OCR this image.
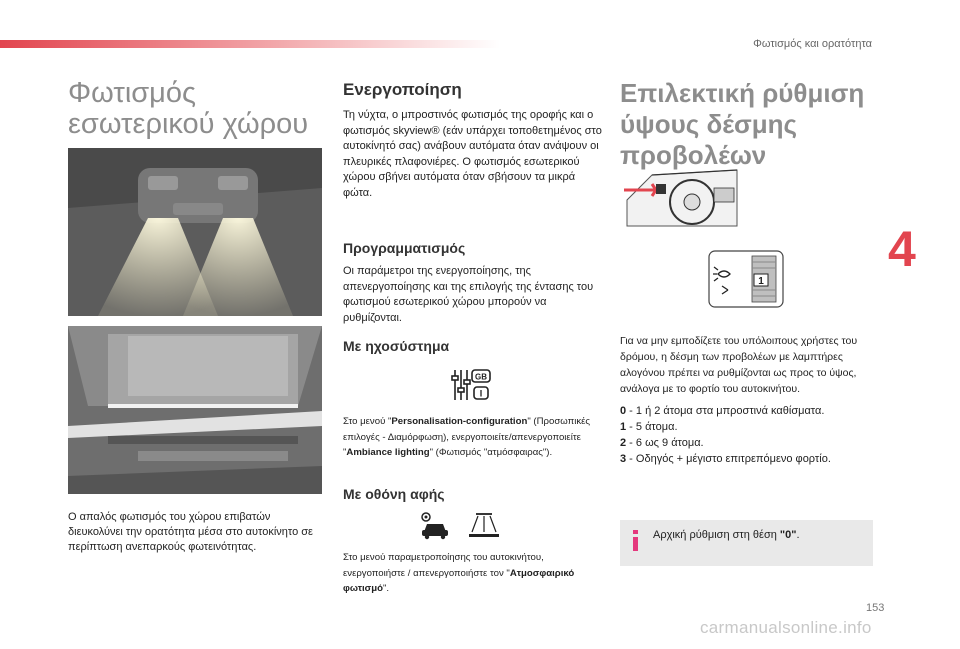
Φωτισμός και ορατότητα
Φωτισμός εσωτερικού χώρου

Ο απαλός φωτισμός του χώρου επιβατών διευκολύνει την ορατότητα μέσα στο αυτοκίνητο σε περίπτωση ανεπαρκούς φωτεινότητας.

Ενεργοποίηση

Τη νύχτα, ο μπροστινός φωτισμός της οροφής και ο φωτισμός skyview® (εάν υπάρχει τοποθετημένος στο αυτοκίνητό σας) ανάβουν αυτόματα όταν ανάψουν οι πλευρικές πλαφονιέρες. Ο φωτισμός εσωτερικού χώρου σβήνει αυτόματα όταν σβήσουν τα μικρά φώτα.

Προγραμματισμός

Οι παράμετροι της ενεργοποίησης, της απενεργοποίησης και της επιλογής της έντασης του φωτισμού εσωτερικού χώρου μπορούν να ρυθμίζονται.

Με ηχοσύστημα
GB
I

Στο μενού "Personalisation-configuration" (Προσωπικές επιλογές - Διαμόρφωση), ενεργοποιείτε/απενεργοποιείτε "Ambiance lighting" (Φωτισμός "ατμόσφαιρας").

Με οθόνη αφής

Στο μενού παραμετροποίησης του αυτοκινήτου, ενεργοποιήστε / απενεργοποιήστε τον "Ατμοσφαιρικό φωτισμό".

Επιλεκτική ρύθμιση ύψους δέσμης προβολέων
1

Για να μην εμποδίζετε του υπόλοιπους χρήστες του δρόμου, η δέσμη των προβολέων με λαμπτήρες αλογόνου πρέπει να ρυθμίζονται ως προς το ύψος, ανάλογα με το φορτίο του αυτοκινήτου.

0 - 1 ή 2 άτομα στα μπροστινά καθίσματα.
1 - 5 άτομα.
2 - 6 ως 9 άτομα.
3 - Οδηγός + μέγιστο επιτρεπόμενο φορτίο.
Αρχική ρύθμιση στη θέση "0".
4
153
carmanualsonline.info
